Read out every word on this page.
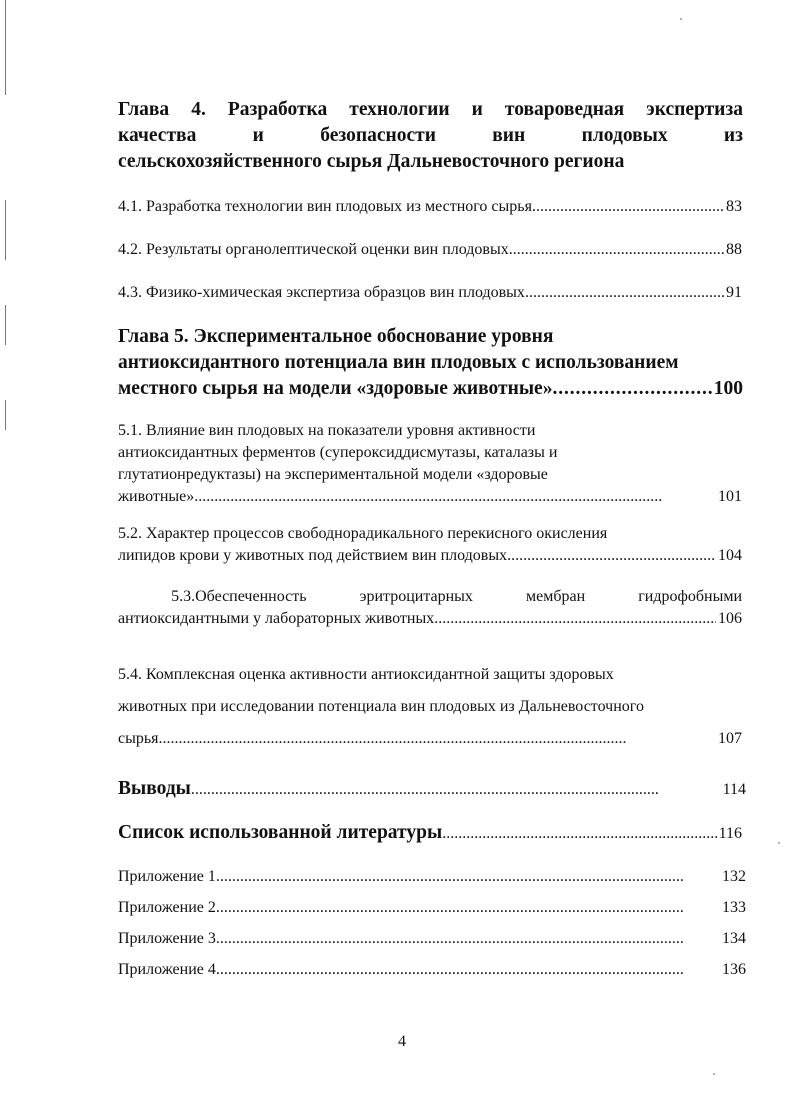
Глава 4. Разработка технологии и товароведная экспертиза
качества и безопасности вин плодовых из
сельскохозяйственного сырья Дальневосточного региона
4.1. Разработка технологии вин плодовых из местного сырья . . .	83
4.2. Результаты органолептической оценки вин плодовых . . .	88
4.3. Физико-химическая экспертиза образцов вин плодовых . . .	91
Глава 5. Экспериментальное обоснование уровня
антиоксидантного потенциала вин плодовых с использованием
местного сырья на модели «здоровые животные» . . .	100
5.1. Влияние вин плодовых на показатели уровня активности
антиоксидантных ферментов (супероксиддисмутазы, каталазы и
глутатионредуктазы) на экспериментальной модели «здоровые
животные» . . .	101
5.2. Характер процессов свободнорадикального перекисного окисления
липидов крови у животных под действием вин плодовых . . .	104
5.3.Обеспеченность эритроцитарных мембран гидрофобными
антиоксидантными у лабораторных животных . . .	106
5.4. Комплексная оценка активности антиоксидантной защиты здоровых
животных при исследовании потенциала вин плодовых из Дальневосточного
сырья . . .	107
Выводы . . .	114
Список использованной литературы . . .	116
Приложение 1 . . .	132
Приложение 2 . . .	133
Приложение 3 . . .	134
Приложение 4 . . .	136
4
